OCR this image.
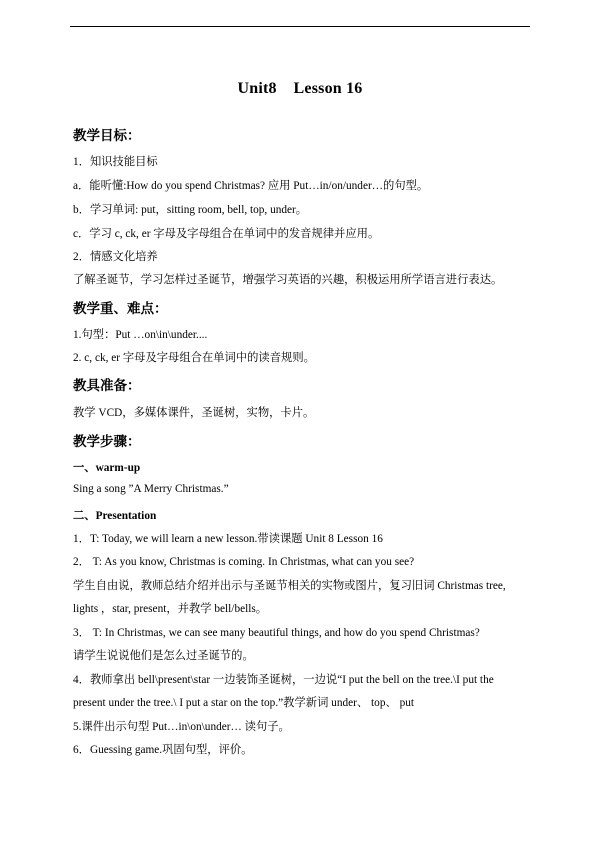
Unit8    Lesson 16
教学目标：
1．知识技能目标
a．能听懂:How do you spend Christmas? 应用 Put…in/on/under…的句型。
b．学习单词: put，sitting room, bell, top, under。
c．学习 c, ck, er 字母及字母组合在单词中的发音规律并应用。
2．情感文化培养
了解圣诞节，学习怎样过圣诞节，增强学习英语的兴趣，积极运用所学语言进行表达。
教学重、难点：
1.句型：Put …on\in\under....
2. c, ck, er 字母及字母组合在单词中的读音规则。
教具准备：
教学 VCD，多媒体课件，圣诞树，实物，卡片。
教学步骤：
一、warm-up
Sing a song ”A Merry Christmas.”
二、Presentation
1．T: Today, we will learn a new lesson.带读课题 Unit 8 Lesson 16
2． T: As you know, Christmas is coming. In Christmas, what can you see?
学生自由说，教师总结介绍并出示与圣诞节相关的实物或图片，复习旧词 Christmas tree,
lights ，star, present，并教学 bell/bells。
3． T: In Christmas, we can see many beautiful things, and how do you spend Christmas?
请学生说说他们是怎么过圣诞节的。
4．教师拿出 bell\present\star 一边装饰圣诞树，一边说“I put the bell on the tree.\I put the
present under the tree.\ I put a star on the top.”教学新词 under、 top、 put
5.课件出示句型 Put…in\on\under… 读句子。
6．Guessing game.巩固句型，评价。
